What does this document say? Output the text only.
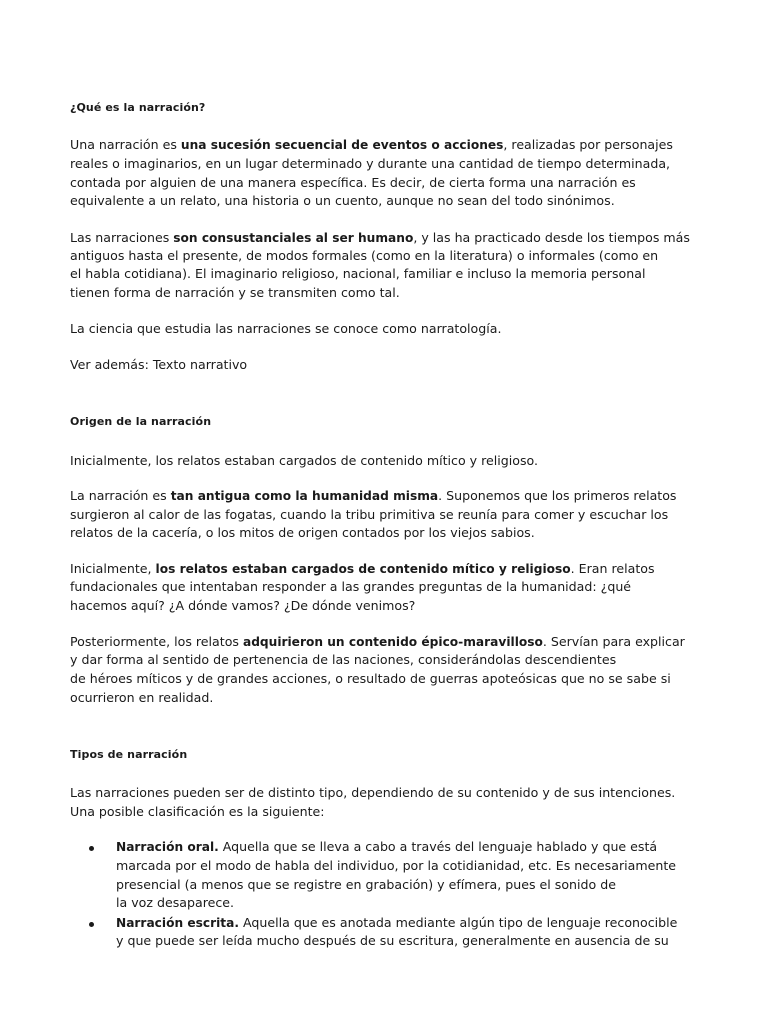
¿Qué es la narración?
Una narración es una sucesión secuencial de eventos o acciones, realizadas por personajes
reales o imaginarios, en un lugar determinado y durante una cantidad de tiempo determinada,
contada por alguien de una manera específica. Es decir, de cierta forma una narración es
equivalente a un relato, una historia o un cuento, aunque no sean del todo sinónimos.
Las narraciones son consustanciales al ser humano, y las ha practicado desde los tiempos más
antiguos hasta el presente, de modos formales (como en la literatura) o informales (como en
el habla cotidiana). El imaginario religioso, nacional, familiar e incluso la memoria personal
tienen forma de narración y se transmiten como tal.
La ciencia que estudia las narraciones se conoce como narratología.
Ver además: Texto narrativo
Origen de la narración
Inicialmente, los relatos estaban cargados de contenido mítico y religioso.
La narración es tan antigua como la humanidad misma. Suponemos que los primeros relatos
surgieron al calor de las fogatas, cuando la tribu primitiva se reunía para comer y escuchar los
relatos de la cacería, o los mitos de origen contados por los viejos sabios.
Inicialmente, los relatos estaban cargados de contenido mítico y religioso. Eran relatos
fundacionales que intentaban responder a las grandes preguntas de la humanidad: ¿qué
hacemos aquí? ¿A dónde vamos? ¿De dónde venimos?
Posteriormente, los relatos adquirieron un contenido épico-maravilloso. Servían para explicar
y dar forma al sentido de pertenencia de las naciones, considerándolas descendientes
de héroes míticos y de grandes acciones, o resultado de guerras apoteósicas que no se sabe si
ocurrieron en realidad.
Tipos de narración
Las narraciones pueden ser de distinto tipo, dependiendo de su contenido y de sus intenciones.
Una posible clasificación es la siguiente:
Narración oral. Aquella que se lleva a cabo a través del lenguaje hablado y que está
marcada por el modo de habla del individuo, por la cotidianidad, etc. Es necesariamente
presencial (a menos que se registre en grabación) y efímera, pues el sonido de
la voz desaparece.
Narración escrita. Aquella que es anotada mediante algún tipo de lenguaje reconocible
y que puede ser leída mucho después de su escritura, generalmente en ausencia de su
